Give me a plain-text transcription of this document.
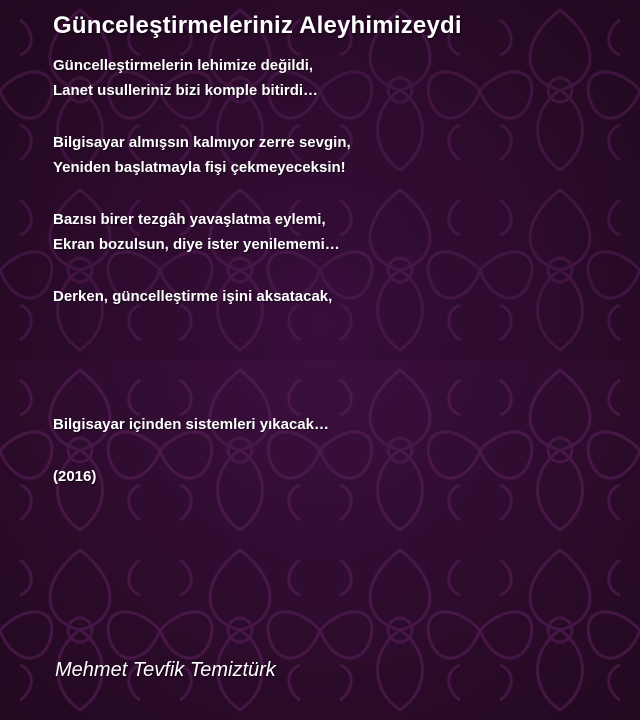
Günceleştirmeleriniz Aleyhimizeydi
Güncelleştirmelerin lehimize değildi,
Lanet usulleriniz bizi komple bitirdi…
Bilgisayar almışsın kalmıyor zerre sevgin,
Yeniden başlatmayla fişi çekmeyeceksin!
Bazısı birer tezgâh yavaşlatma eylemi,
Ekran bozulsun, diye ister yenilememi…
Derken, güncelleştirme işini aksatacak,
Bilgisayar içinden sistemleri yıkacak…
(2016)
Mehmet Tevfik Temiztürk
